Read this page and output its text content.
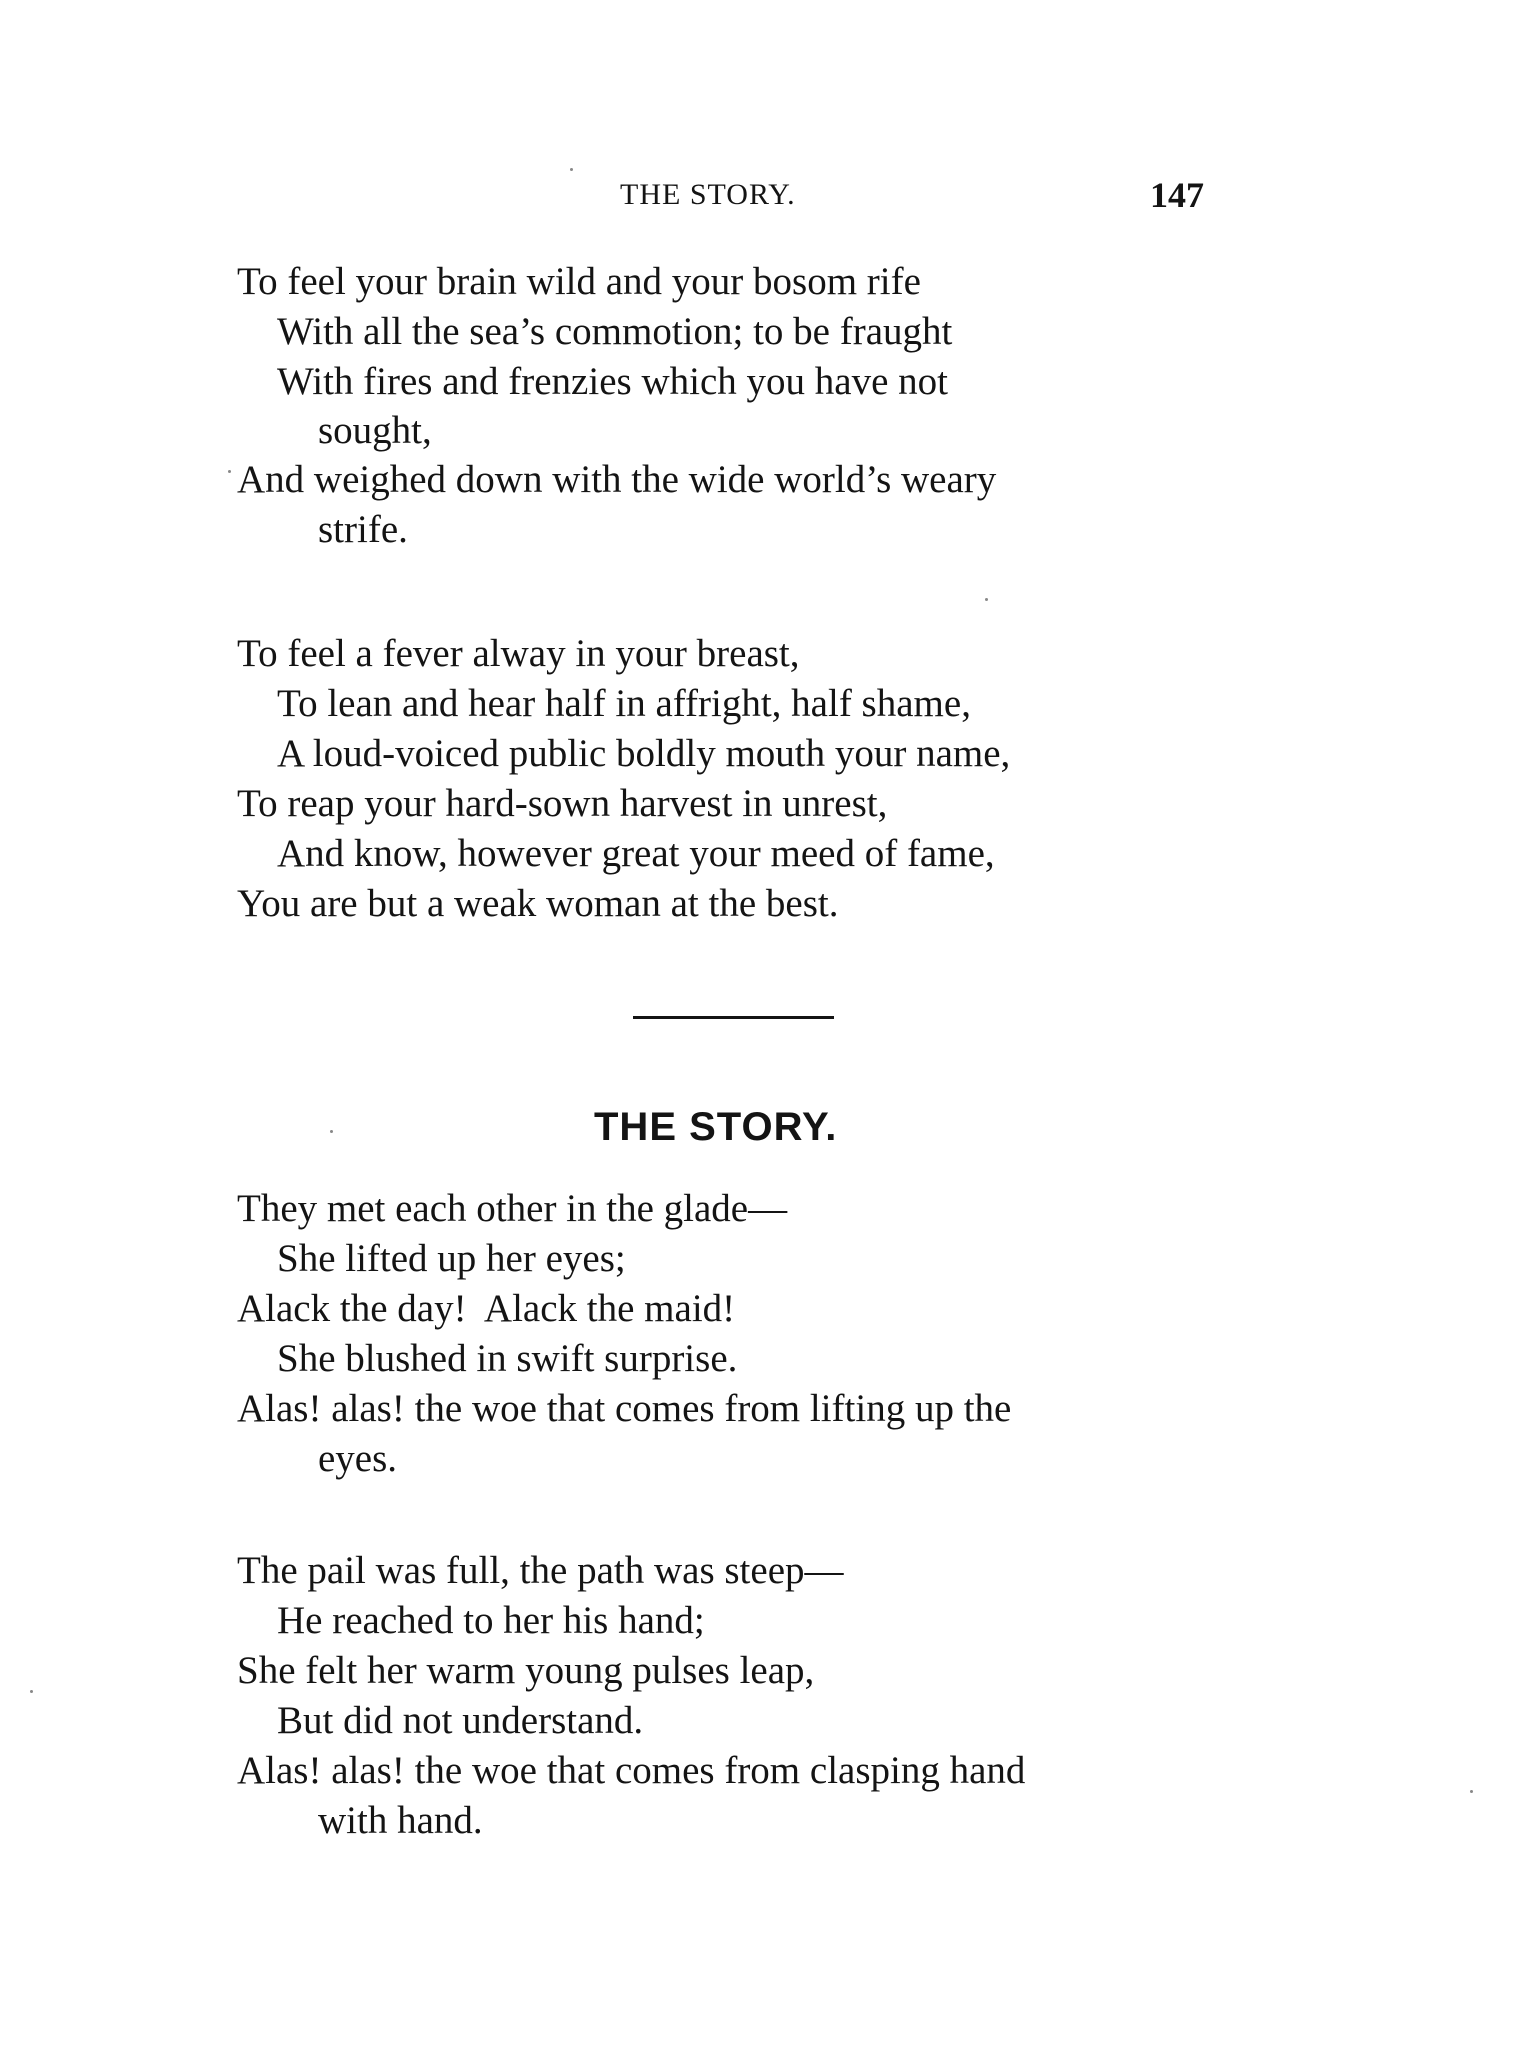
THE STORY.	147
To feel your brain wild and your bosom rife
With all the sea’s commotion; to be fraught
With fires and frenzies which you have not
sought,
And weighed down with the wide world’s weary
strife.
To feel a fever alway in your breast,
To lean and hear half in affright, half shame,
A loud-voiced public boldly mouth your name,
To reap your hard-sown harvest in unrest,
And know, however great your meed of fame,
You are but a weak woman at the best.
THE STORY.
They met each other in the glade—
She lifted up her eyes;
Alack the day!  Alack the maid!
She blushed in swift surprise.
Alas! alas! the woe that comes from lifting up the
eyes.
The pail was full, the path was steep—
He reached to her his hand;
She felt her warm young pulses leap,
But did not understand.
Alas! alas! the woe that comes from clasping hand
with hand.
